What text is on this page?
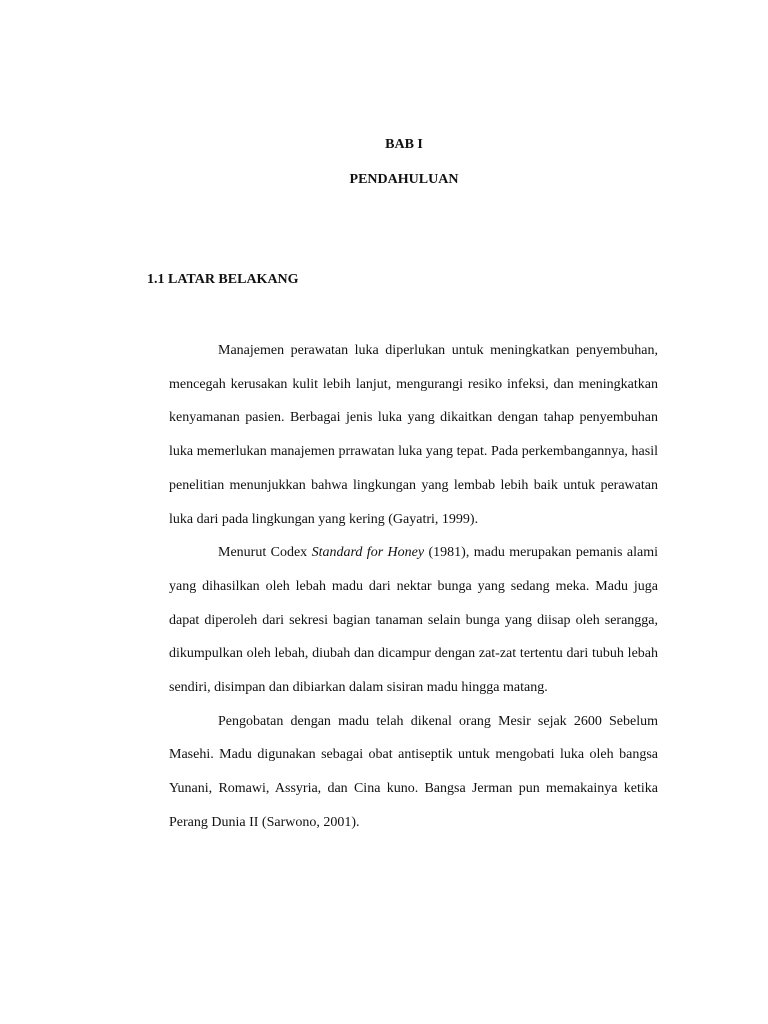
BAB I
PENDAHULUAN
1.1 LATAR BELAKANG

Manajemen perawatan luka diperlukan untuk meningkatkan penyembuhan, mencegah kerusakan kulit lebih lanjut, mengurangi resiko infeksi, dan meningkatkan kenyamanan pasien. Berbagai jenis luka yang dikaitkan dengan tahap penyembuhan luka memerlukan manajemen prrawatan luka yang tepat. Pada perkembangannya, hasil penelitian menunjukkan bahwa lingkungan yang lembab lebih baik untuk perawatan luka dari pada lingkungan yang kering (Gayatri, 1999).

Menurut Codex Standard for Honey (1981), madu merupakan pemanis alami yang dihasilkan oleh lebah madu dari nektar bunga yang sedang meka. Madu juga dapat diperoleh dari sekresi bagian tanaman selain bunga yang diisap oleh serangga, dikumpulkan oleh lebah, diubah dan dicampur dengan zat-zat tertentu dari tubuh lebah sendiri, disimpan dan dibiarkan dalam sisiran madu hingga matang.

Pengobatan dengan madu telah dikenal orang Mesir sejak 2600 Sebelum Masehi. Madu digunakan sebagai obat antiseptik untuk mengobati luka oleh bangsa Yunani, Romawi, Assyria, dan Cina kuno. Bangsa Jerman pun memakainya ketika Perang Dunia II (Sarwono, 2001).
